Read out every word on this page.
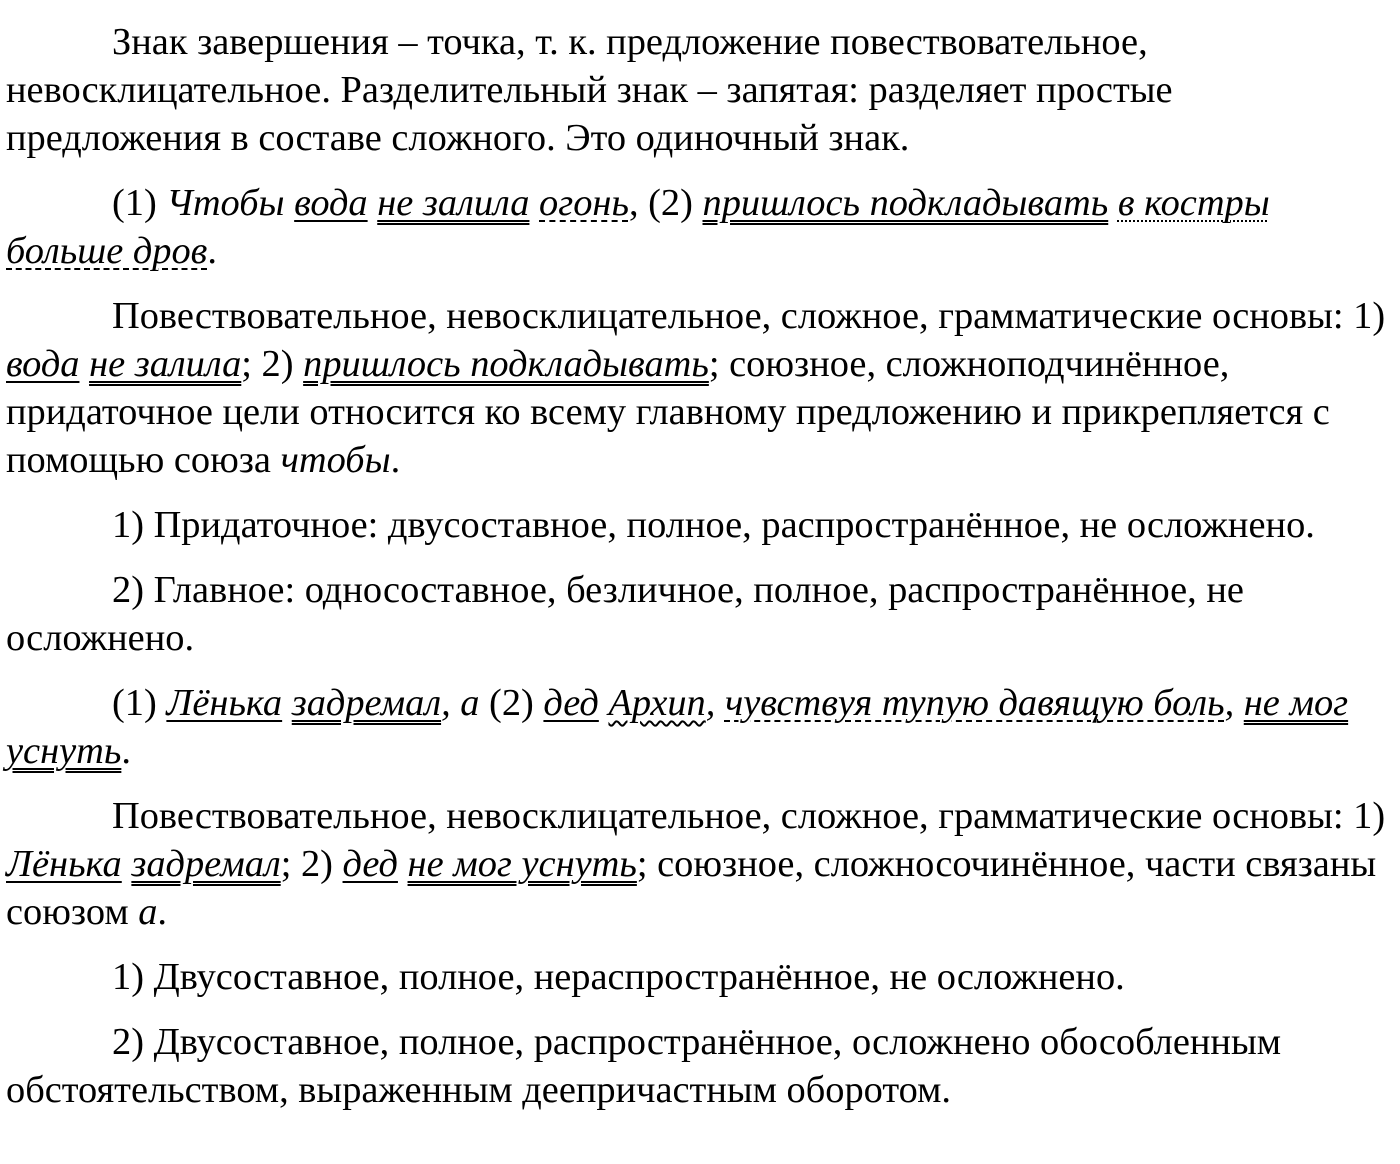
Знак завершения – точка, т. к. предложение повествовательное, невосклицательное. Разделительный знак – запятая: разделяет простые предложения в составе сложного. Это одиночный знак.

(1) Чтобы вода не залила огонь, (2) пришлось подкладывать в костры больше дров.

Повествовательное, невосклицательное, сложное, грамматические основы: 1) вода не залила; 2) пришлось подкладывать; союзное, сложноподчинённое, придаточное цели относится ко всему главному предложению и прикрепляется с помощью союза чтобы.

1) Придаточное: двусоставное, полное, распространённое, не осложнено.

2) Главное: односоставное, безличное, полное, распространённое, не осложнено.

(1) Лёнька задремал, а (2) дед Архип, чувствуя тупую давящую боль, не мог уснуть.

Повествовательное, невосклицательное, сложное, грамматические основы: 1) Лёнька задремал; 2) дед не мог уснуть; союзное, сложносочинённое, части связаны союзом а.

1) Двусоставное, полное, нераспространённое, не осложнено.

2) Двусоставное, полное, распространённое, осложнено обособленным обстоятельством, выраженным деепричастным оборотом.
